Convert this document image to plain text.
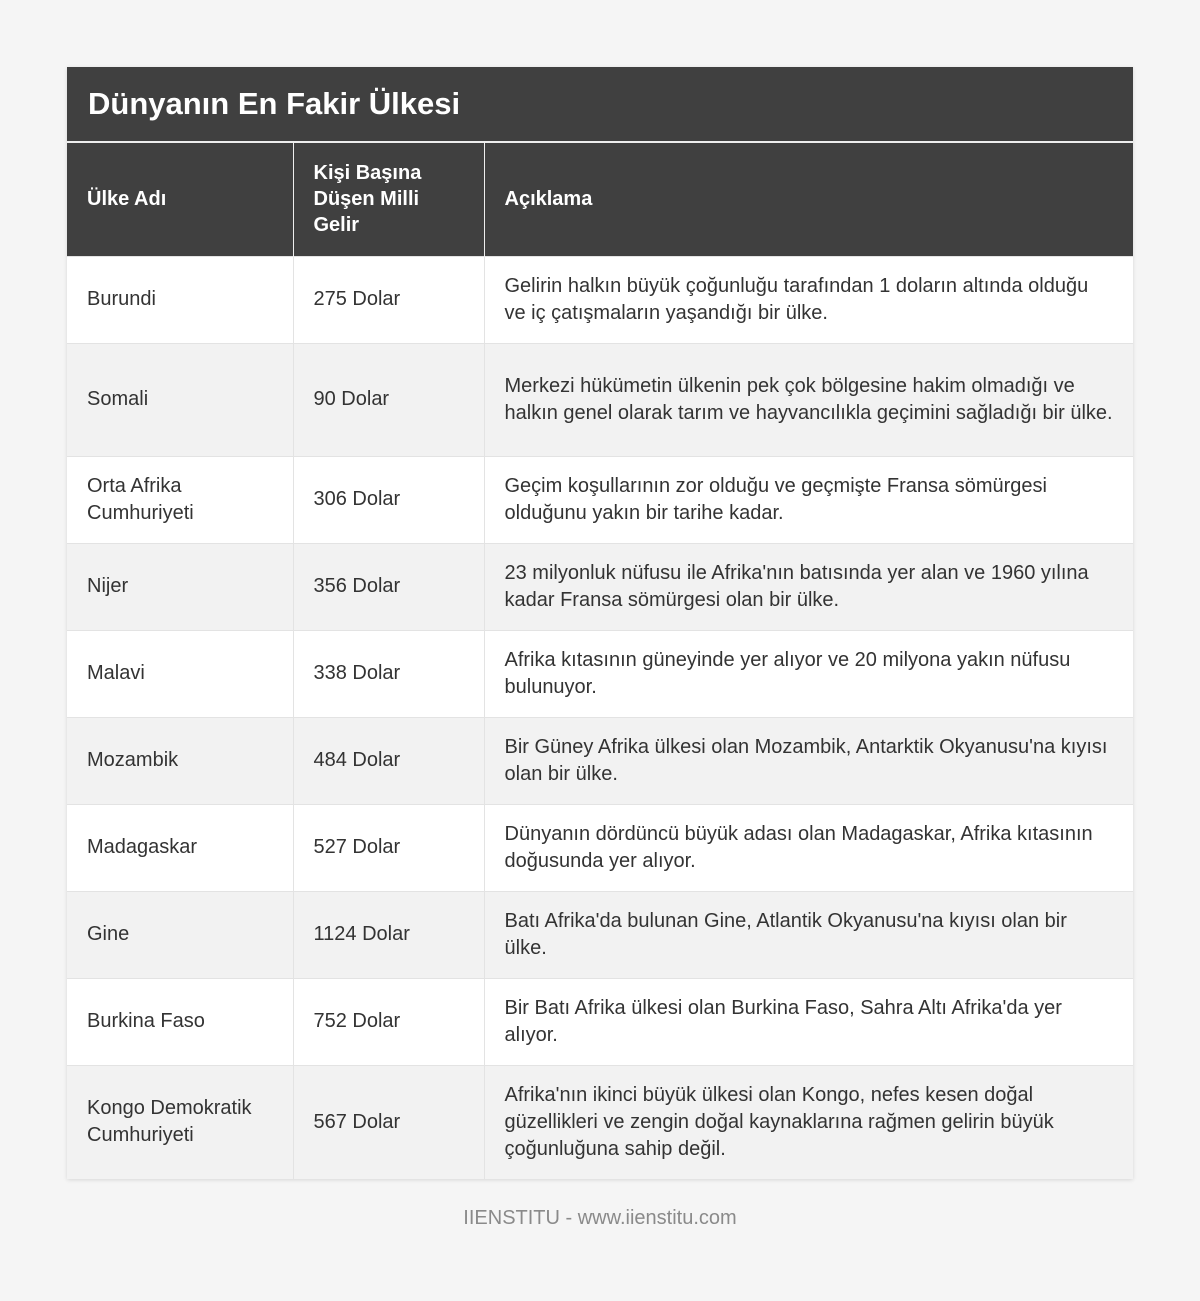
Dünyanın En Fakir Ülkesi
Ülke Adı	Kişi Başına Düşen Milli Gelir	Açıklama
Burundi	275 Dolar	Gelirin halkın büyük çoğunluğu tarafından 1 doların altında olduğu ve iç çatışmaların yaşandığı bir ülke.
Somali	90 Dolar	Merkezi hükümetin ülkenin pek çok bölgesine hakim olmadığı ve halkın genel olarak tarım ve hayvancılıkla geçimini sağladığı bir ülke.
Orta Afrika Cumhuriyeti	306 Dolar	Geçim koşullarının zor olduğu ve geçmişte Fransa sömürgesi olduğunu yakın bir tarihe kadar.
Nijer	356 Dolar	23 milyonluk nüfusu ile Afrika'nın batısında yer alan ve 1960 yılına kadar Fransa sömürgesi olan bir ülke.
Malavi	338 Dolar	Afrika kıtasının güneyinde yer alıyor ve 20 milyona yakın nüfusu bulunuyor.
Mozambik	484 Dolar	Bir Güney Afrika ülkesi olan Mozambik, Antarktik Okyanusu'na kıyısı olan bir ülke.
Madagaskar	527 Dolar	Dünyanın dördüncü büyük adası olan Madagaskar, Afrika kıtasının doğusunda yer alıyor.
Gine	1124 Dolar	Batı Afrika'da bulunan Gine, Atlantik Okyanusu'na kıyısı olan bir ülke.
Burkina Faso	752 Dolar	Bir Batı Afrika ülkesi olan Burkina Faso, Sahra Altı Afrika'da yer alıyor.
Kongo Demokratik Cumhuriyeti	567 Dolar	Afrika'nın ikinci büyük ülkesi olan Kongo, nefes kesen doğal güzellikleri ve zengin doğal kaynaklarına rağmen gelirin büyük çoğunluğuna sahip değil.
IIENSTITU - www.iienstitu.com
